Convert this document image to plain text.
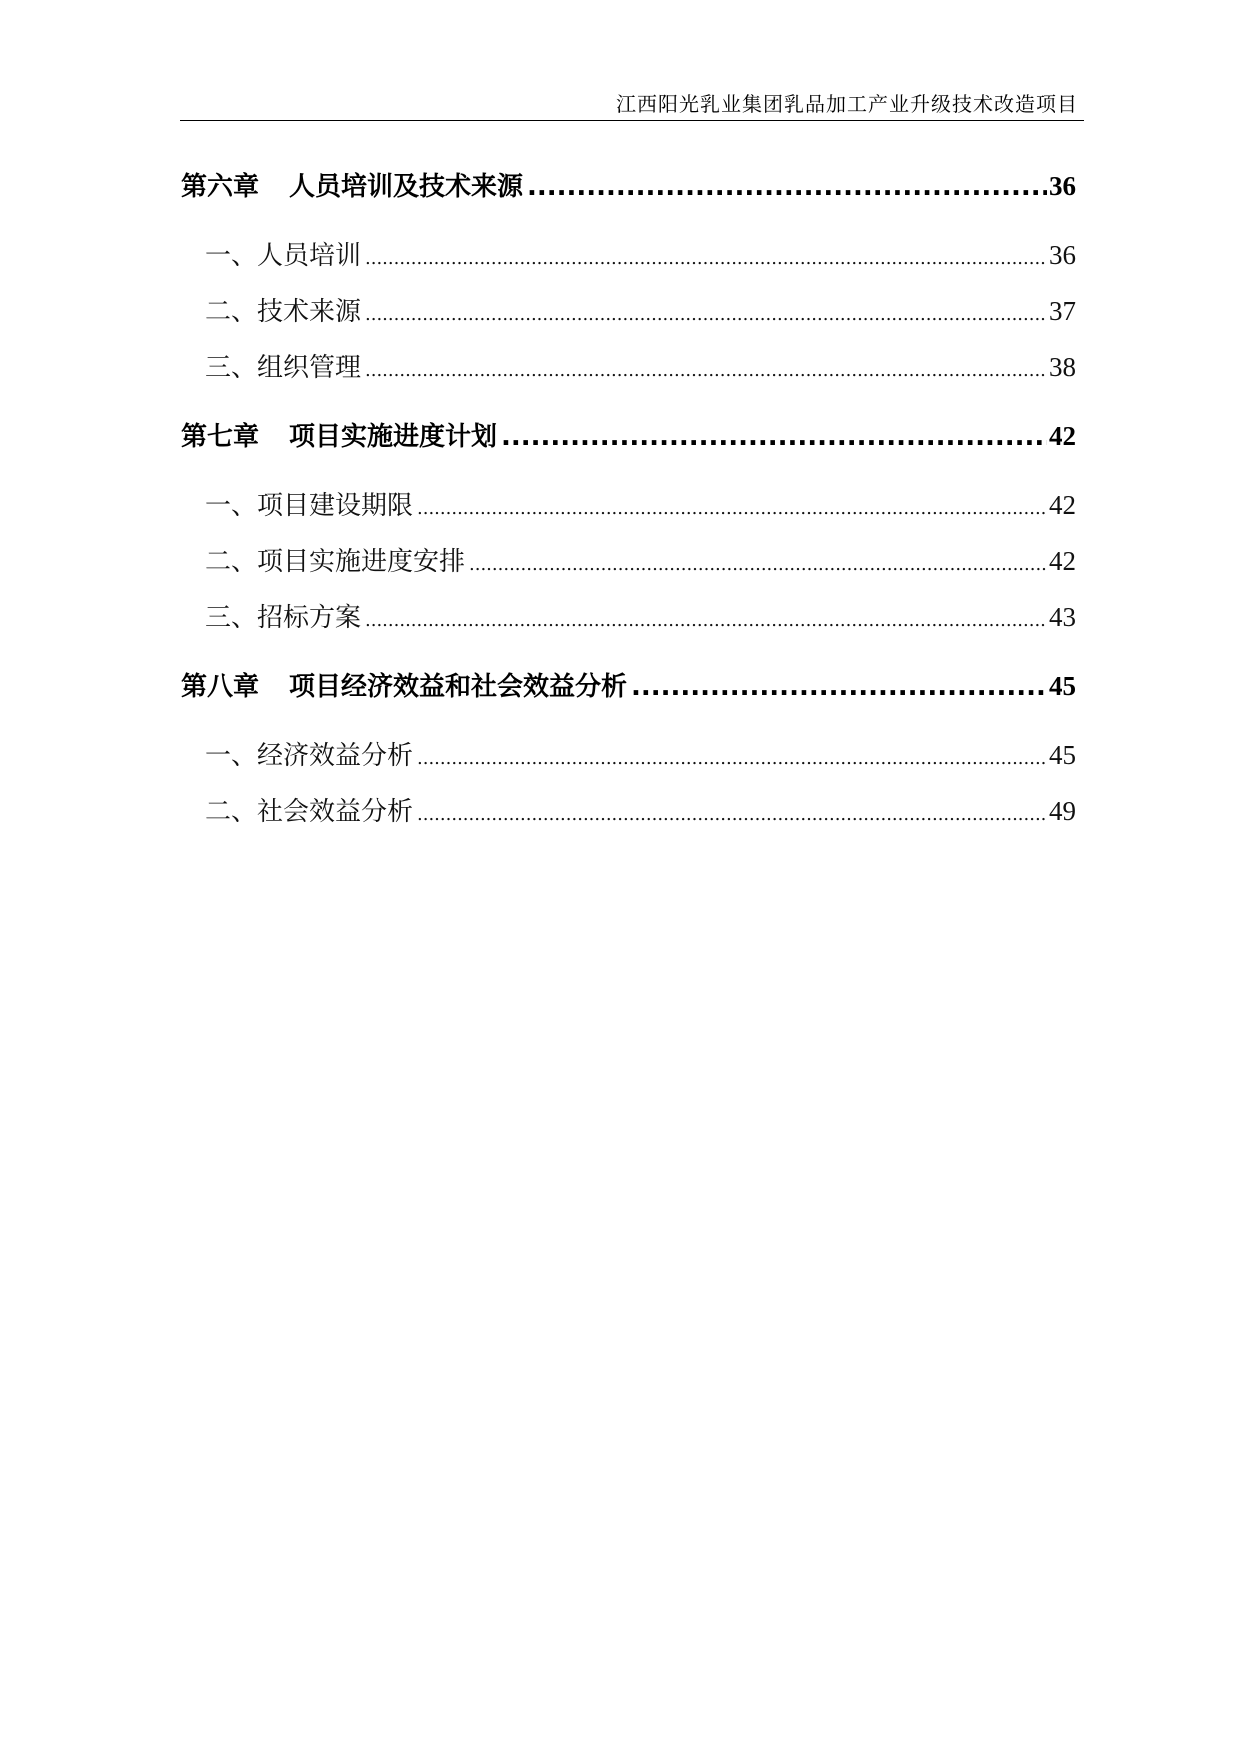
江西阳光乳业集团乳品加工产业升级技术改造项目
第六章 人员培训及技术来源 .....	36
一、人员培训 .....	36
二、技术来源 .....	37
三、组织管理 .....	38
第七章 项目实施进度计划 .....	42
一、项目建设期限 .....	42
二、项目实施进度安排 .....	42
三、招标方案 .....	43
第八章 项目经济效益和社会效益分析 .....	45
一、经济效益分析 .....	45
二、社会效益分析 .....	49
